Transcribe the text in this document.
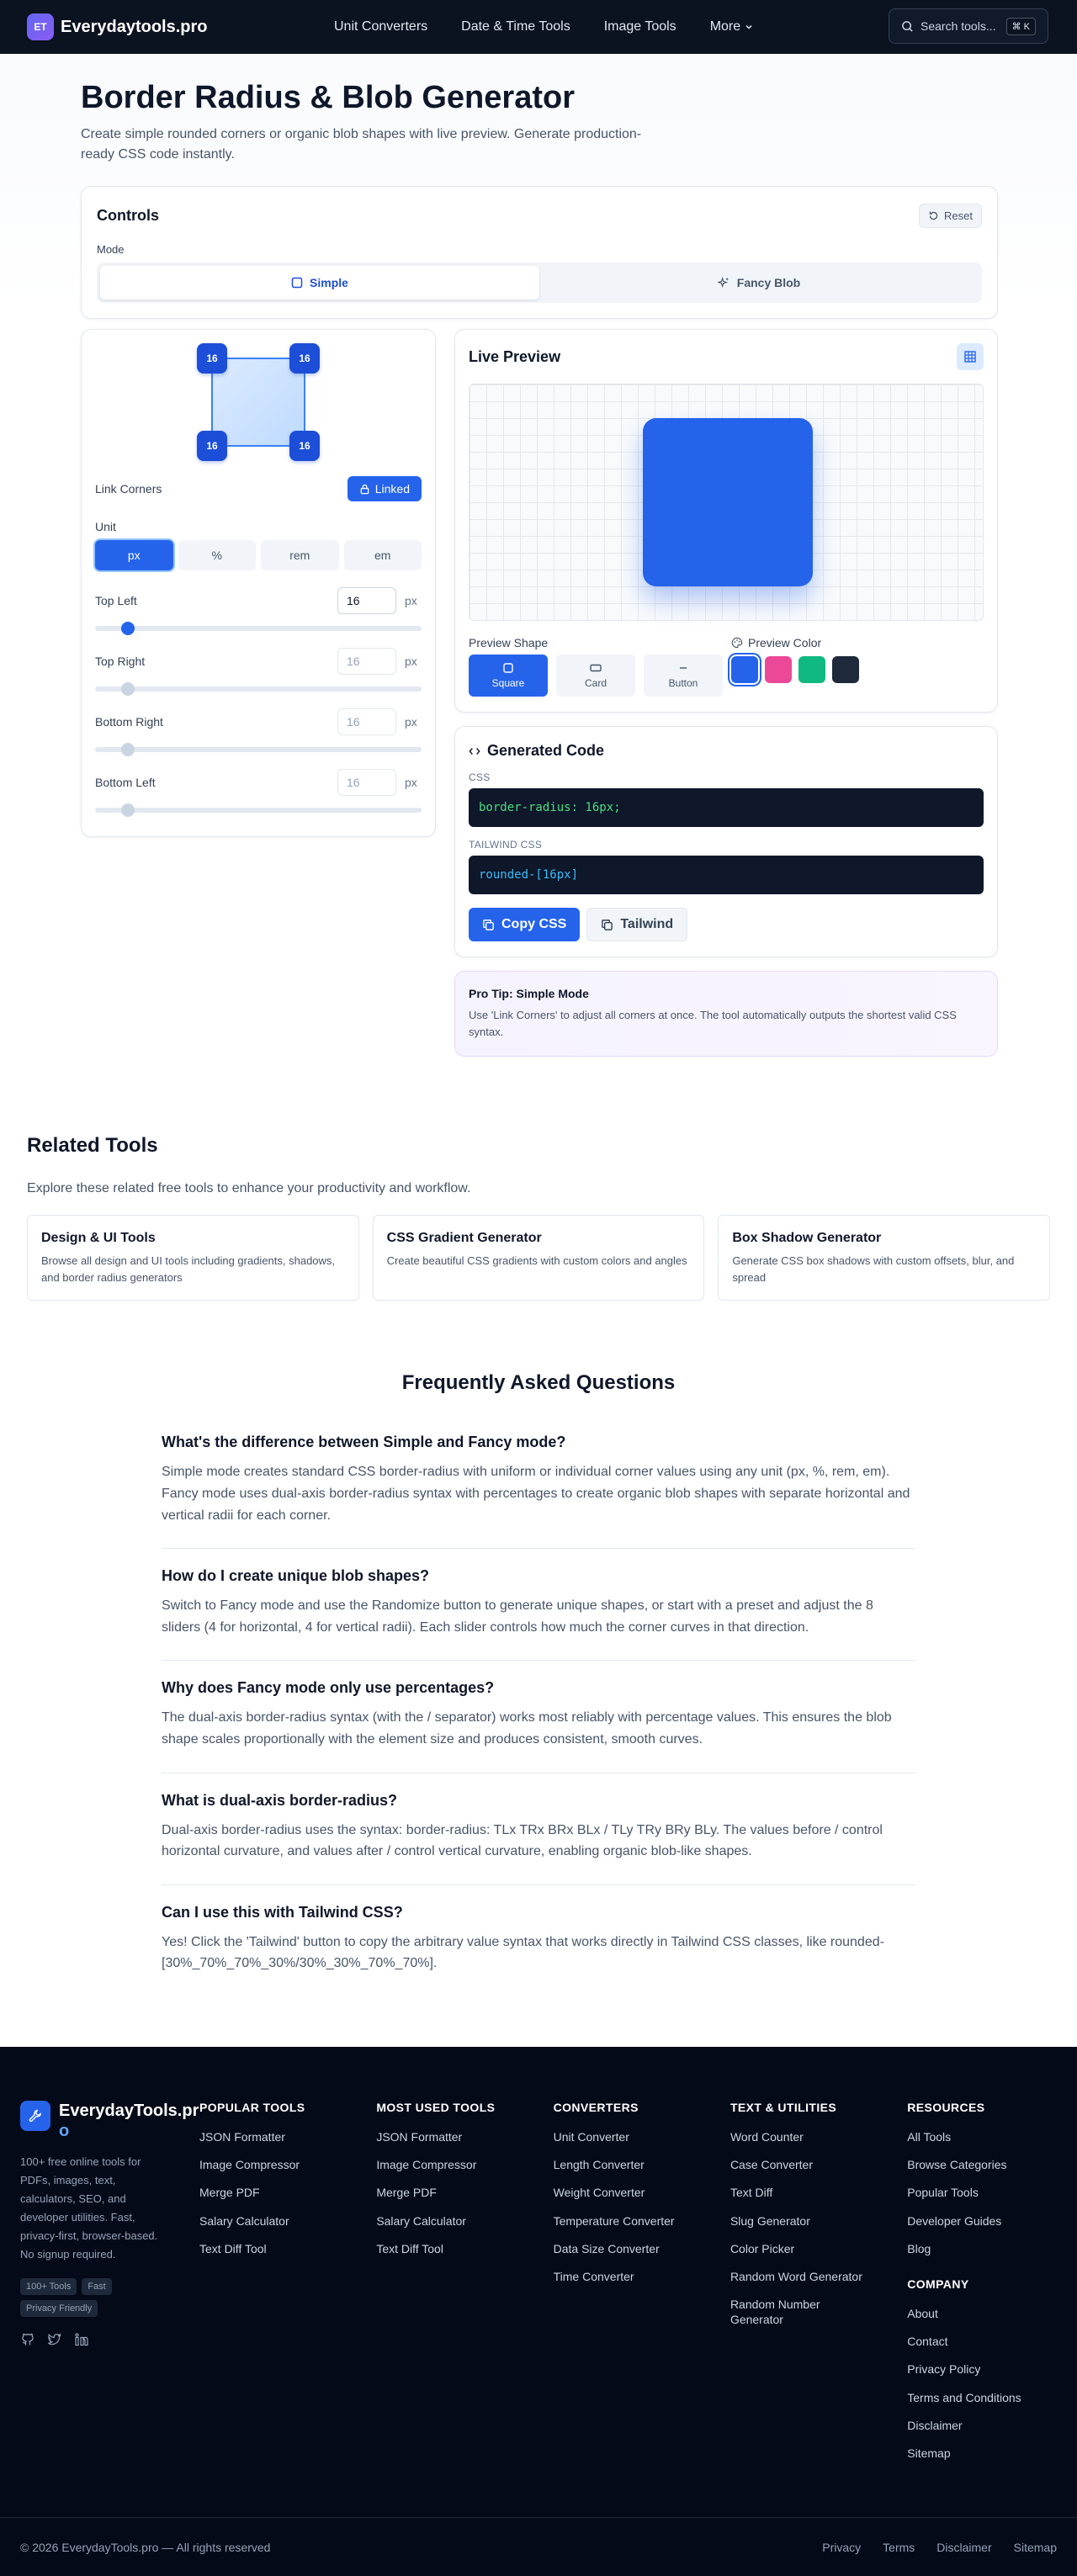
ET Everydaytools.pro	Unit Converters	Date & Time Tools	Image Tools	More	Search tools...	⌘ K
Border Radius & Blob Generator

Create simple rounded corners or organic blob shapes with live preview. Generate production-ready CSS code instantly.

Controls	Reset
Mode
Simple	Fancy Blob
16	16
16	16
Link Corners	Linked
Unit
px	%	rem	em
Top Left	16	px
Top Right	16	px
Bottom Right	16	px
Bottom Left	16	px
Live Preview
Preview Shape
Square	Card	Button
Preview Color
Generated Code
CSS
border-radius: 16px;
TAILWIND CSS
rounded-[16px]
Copy CSS	Tailwind
Pro Tip: Simple Mode

Use 'Link Corners' to adjust all corners at once. The tool automatically outputs the shortest valid CSS syntax.

Related Tools

Explore these related free tools to enhance your productivity and workflow.

Design & UI Tools
Browse all design and UI tools including gradients, shadows, and border radius generators
CSS Gradient Generator
Create beautiful CSS gradients with custom colors and angles
Box Shadow Generator
Generate CSS box shadows with custom offsets, blur, and spread
Frequently Asked Questions
What's the difference between Simple and Fancy mode?

Simple mode creates standard CSS border-radius with uniform or individual corner values using any unit (px, %, rem, em). Fancy mode uses dual-axis border-radius syntax with percentages to create organic blob shapes with separate horizontal and vertical radii for each corner.

How do I create unique blob shapes?

Switch to Fancy mode and use the Randomize button to generate unique shapes, or start with a preset and adjust the 8 sliders (4 for horizontal, 4 for vertical radii). Each slider controls how much the corner curves in that direction.

Why does Fancy mode only use percentages?

The dual-axis border-radius syntax (with the / separator) works most reliably with percentage values. This ensures the blob shape scales proportionally with the element size and produces consistent, smooth curves.

What is dual-axis border-radius?

Dual-axis border-radius uses the syntax: border-radius: TLx TRx BRx BLx / TLy TRy BRy BLy. The values before / control horizontal curvature, and values after / control vertical curvature, enabling organic blob-like shapes.

Can I use this with Tailwind CSS?

Yes! Click the 'Tailwind' button to copy the arbitrary value syntax that works directly in Tailwind CSS classes, like rounded-[30%_70%_70%_30%/30%_30%_70%_70%].

EverydayTools.pro

100+ free online tools for PDFs, images, text, calculators, SEO, and developer utilities. Fast, privacy-first, browser-based. No signup required.

100+ Tools	Fast
Privacy Friendly
POPULAR TOOLS
JSON Formatter
Image Compressor
Merge PDF
Salary Calculator
Text Diff Tool
MOST USED TOOLS
JSON Formatter
Image Compressor
Merge PDF
Salary Calculator
Text Diff Tool
CONVERTERS
Unit Converter
Length Converter
Weight Converter
Temperature Converter
Data Size Converter
Time Converter
TEXT & UTILITIES
Word Counter
Case Converter
Text Diff
Slug Generator
Color Picker
Random Word Generator
Random Number Generator
RESOURCES
All Tools
Browse Categories
Popular Tools
Developer Guides
Blog
COMPANY
About
Contact
Privacy Policy
Terms and Conditions
Disclaimer
Sitemap
© 2026 EverydayTools.pro — All rights reserved	Privacy Terms Disclaimer Sitemap
